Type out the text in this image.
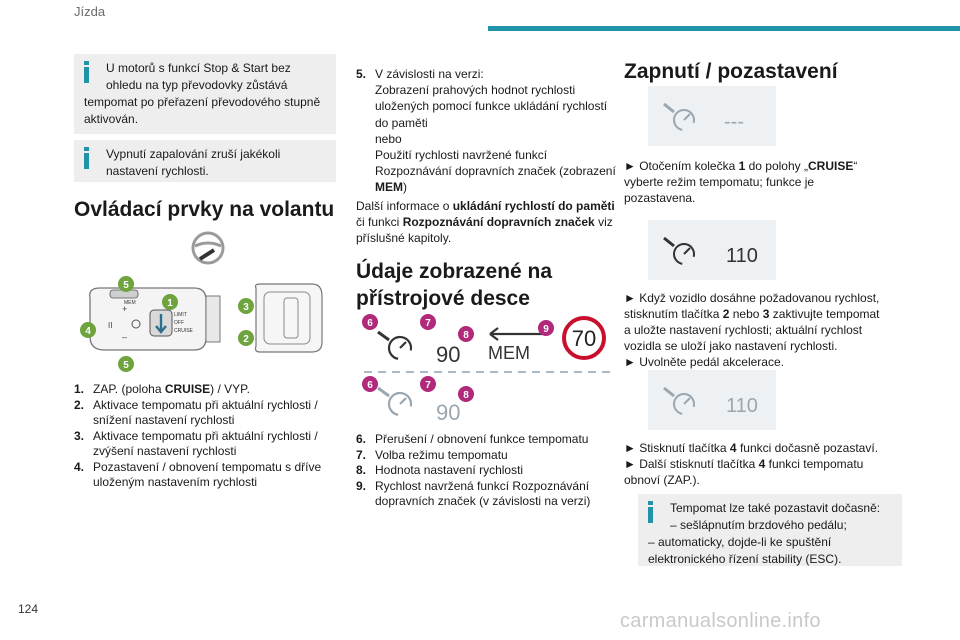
Jízda
U motorů s funkcí Stop & Start bez
ohledu na typ převodovky zůstává
tempomat po přeřazení převodového stupně
aktivován.
Vypnutí zapalování zruší jakékoli
nastavení rychlosti.
Ovládací prvky na volantu
+
–
II
LIMIT
OFF
CRUISE
MEM	1
2
3
4
5
5
1. ZAP. (poloha CRUISE) / VYP.
2. Aktivace tempomatu při aktuální rychlosti /
snížení nastavení rychlosti
3. Aktivace tempomatu při aktuální rychlosti /
zvýšení nastavení rychlosti
4. Pozastavení / obnovení tempomatu s dříve
uloženým nastavením rychlosti
5. V závislosti na verzi:
Zobrazení prahových hodnot rychlosti
uložených pomocí funkce ukládání rychlostí
do paměti
nebo
Použití rychlosti navržené funkcí
Rozpoznávání dopravních značek (zobrazení
MEM)
Další informace o ukládání rychlostí do paměti
či funkci Rozpoznávání dopravních značek viz
příslušné kapitoly.
Údaje zobrazené na
přístrojové desce
90 MEM
70
90
6	7
8
9
6	7
8
6. Přerušení / obnovení funkce tempomatu
7. Volba režimu tempomatu
8. Hodnota nastavení rychlosti
9. Rychlost navržená funkcí Rozpoznávání
dopravních značek (v závislosti na verzi)
Zapnutí / pozastavení
---
► Otočením kolečka 1 do polohy „CRUISE“
vyberte režim tempomatu; funkce je
pozastavena.
110
► Když vozidlo dosáhne požadovanou rychlost,
stisknutím tlačítka 2 nebo 3 zaktivujte tempomat
a uložte nastavení rychlosti; aktuální rychlost
vozidla se uloží jako nastavení rychlosti.
► Uvolněte pedál akcelerace.
110
► Stisknutí tlačítka 4 funkci dočasně pozastaví.
► Další stisknutí tlačítka 4 funkci tempomatu
obnoví (ZAP.).
Tempomat lze také pozastavit dočasně:
– sešlápnutím brzdového pedálu;
– automaticky, dojde-li ke spuštění
elektronického řízení stability (ESC).
124
carmanualsonline.info
